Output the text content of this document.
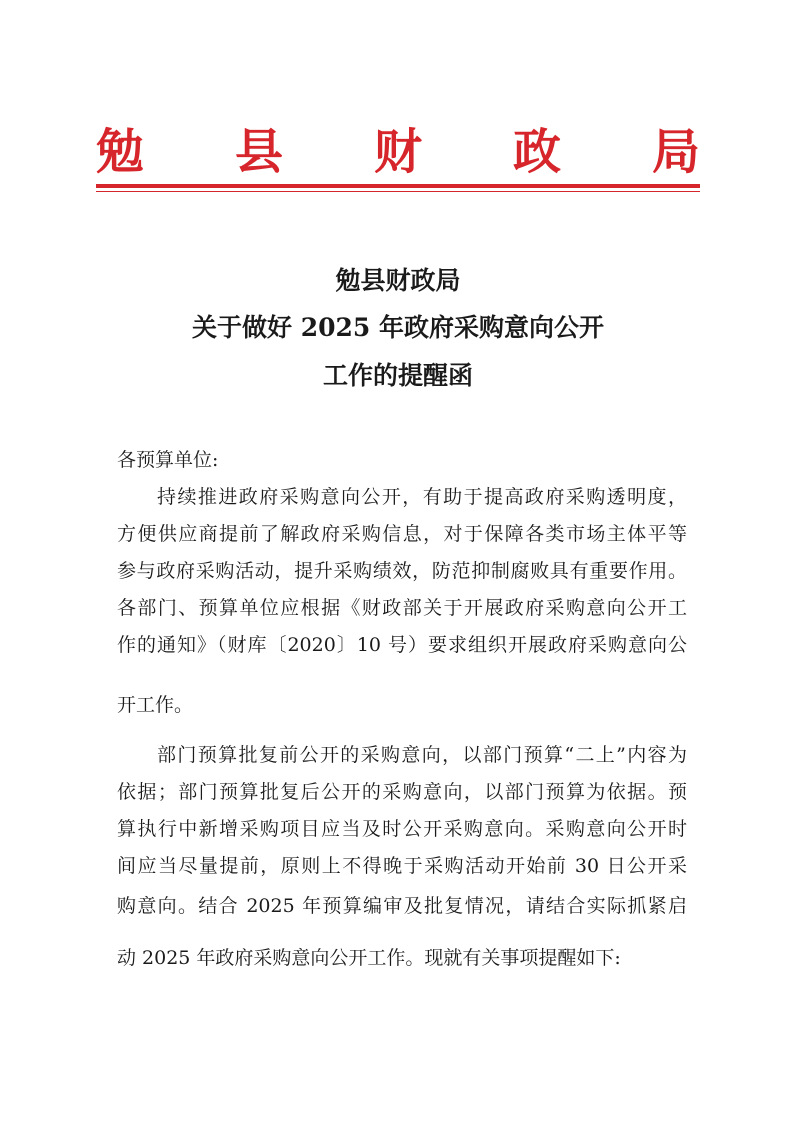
勉 县 财 政 局
勉县财政局
关于做好 2025 年政府采购意向公开
工作的提醒函
各预算单位:
持续推进政府采购意向公开，有助于提高政府采购透明度，
方便供应商提前了解政府采购信息，对于保障各类市场主体平等
参与政府采购活动，提升采购绩效，防范抑制腐败具有重要作用。
各部门、预算单位应根据《财政部关于开展政府采购意向公开工
作的通知》（财库〔2020〕10 号）要求组织开展政府采购意向公
开工作。
部门预算批复前公开的采购意向，以部门预算“二上”内容为
依据；部门预算批复后公开的采购意向，以部门预算为依据。预
算执行中新增采购项目应当及时公开采购意向。采购意向公开时
间应当尽量提前，原则上不得晚于采购活动开始前 30 日公开采
购意向。结合 2025 年预算编审及批复情况，请结合实际抓紧启
动 2025 年政府采购意向公开工作。现就有关事项提醒如下:
